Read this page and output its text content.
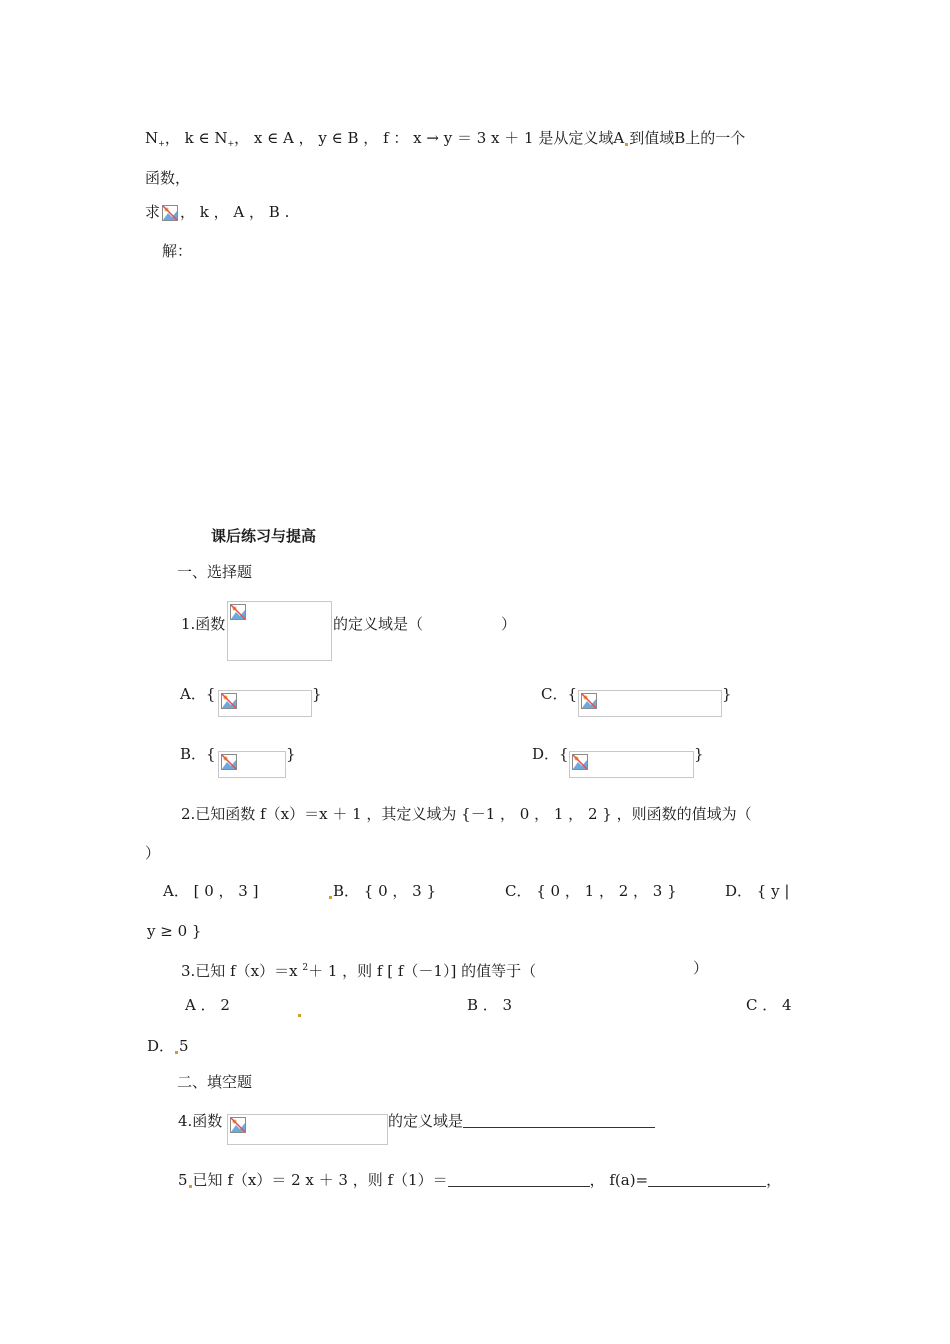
$N_+$， k ∈ $N_+$， x ∈ A ， y ∈ B ， f ： x → y ＝ 3 x ＋ 1 是从定义域A 到值域B上的一个
函数，
求 ， k ， A ， B .
解：
课后练习与提高
一、选择题
1.函数	的定义域是（	）
A．{	}	C．{	}
B．{	}	D．{	}
2.已知函数 f（x）＝x ＋ 1 ，其定义域为 {－1 ， 0 ， 1 ， 2 } ，则函数的值域为（
）
A． [ 0 ， 3 ]	B． { 0 ， 3 }	C． { 0 ， 1 ， 2 ， 3 }	D． { y |
y ≥ 0 }
3.已知 f（x）＝x $^2$＋ 1 ，则 f [ f（－1）] 的值等于（	）
A ． 2	B ． 3	C ． 4
D． 5
二、填空题
4.函数	的定义域是
5 已知 f（x）＝ 2 x ＋ 3 ，则 f（1）＝	， f(a)=	，
